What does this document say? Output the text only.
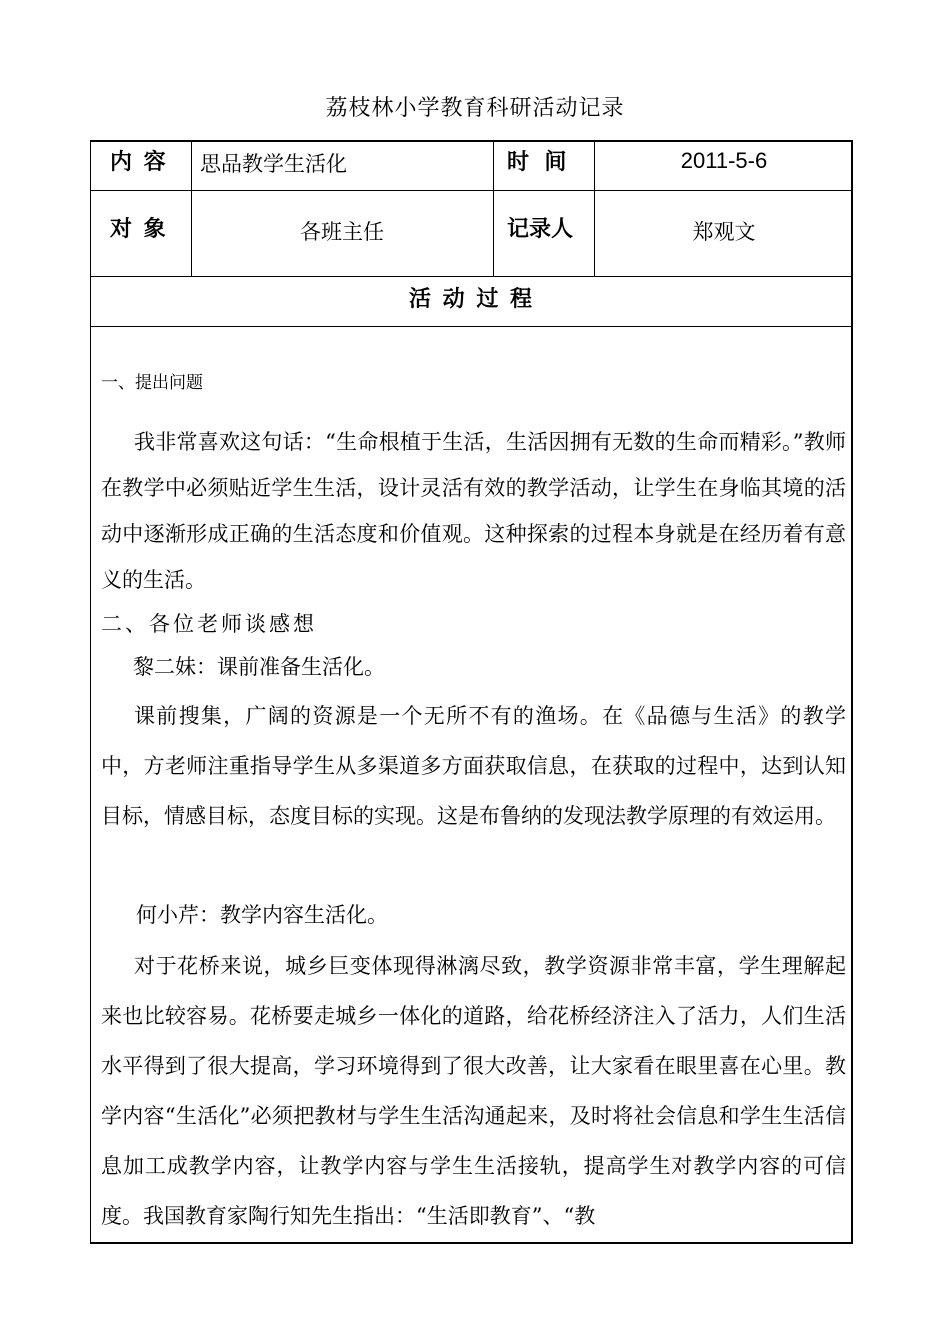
荔枝林小学教育科研活动记录
内 容	思品教学生活化	时  间	2011-5-6
对 象	各班主任	记录人	郑观文
活 动 过 程
一、提出问题
我非常喜欢这句话：“生命根植于生活，生活因拥有无数的生命而精彩。”教师在教学中必须贴近学生生活，设计灵活有效的教学活动，让学生在身临其境的活动中逐渐形成正确的生活态度和价值观。这种探索的过程本身就是在经历着有意义的生活。
二、各位老师谈感想
黎二妹：课前准备生活化。
课前搜集，广阔的资源是一个无所不有的渔场。在《品德与生活》的教学中，方老师注重指导学生从多渠道多方面获取信息，在获取的过程中，达到认知目标，情感目标，态度目标的实现。这是布鲁纳的发现法教学原理的有效运用。
何小芹：教学内容生活化。
对于花桥来说，城乡巨变体现得淋漓尽致，教学资源非常丰富，学生理解起来也比较容易。花桥要走城乡一体化的道路，给花桥经济注入了活力，人们生活水平得到了很大提高，学习环境得到了很大改善，让大家看在眼里喜在心里。教学内容“生活化”必须把教材与学生生活沟通起来，及时将社会信息和学生生活信息加工成教学内容，让教学内容与学生生活接轨，提高学生对教学内容的可信度。我国教育家陶行知先生指出：“生活即教育”、“教
